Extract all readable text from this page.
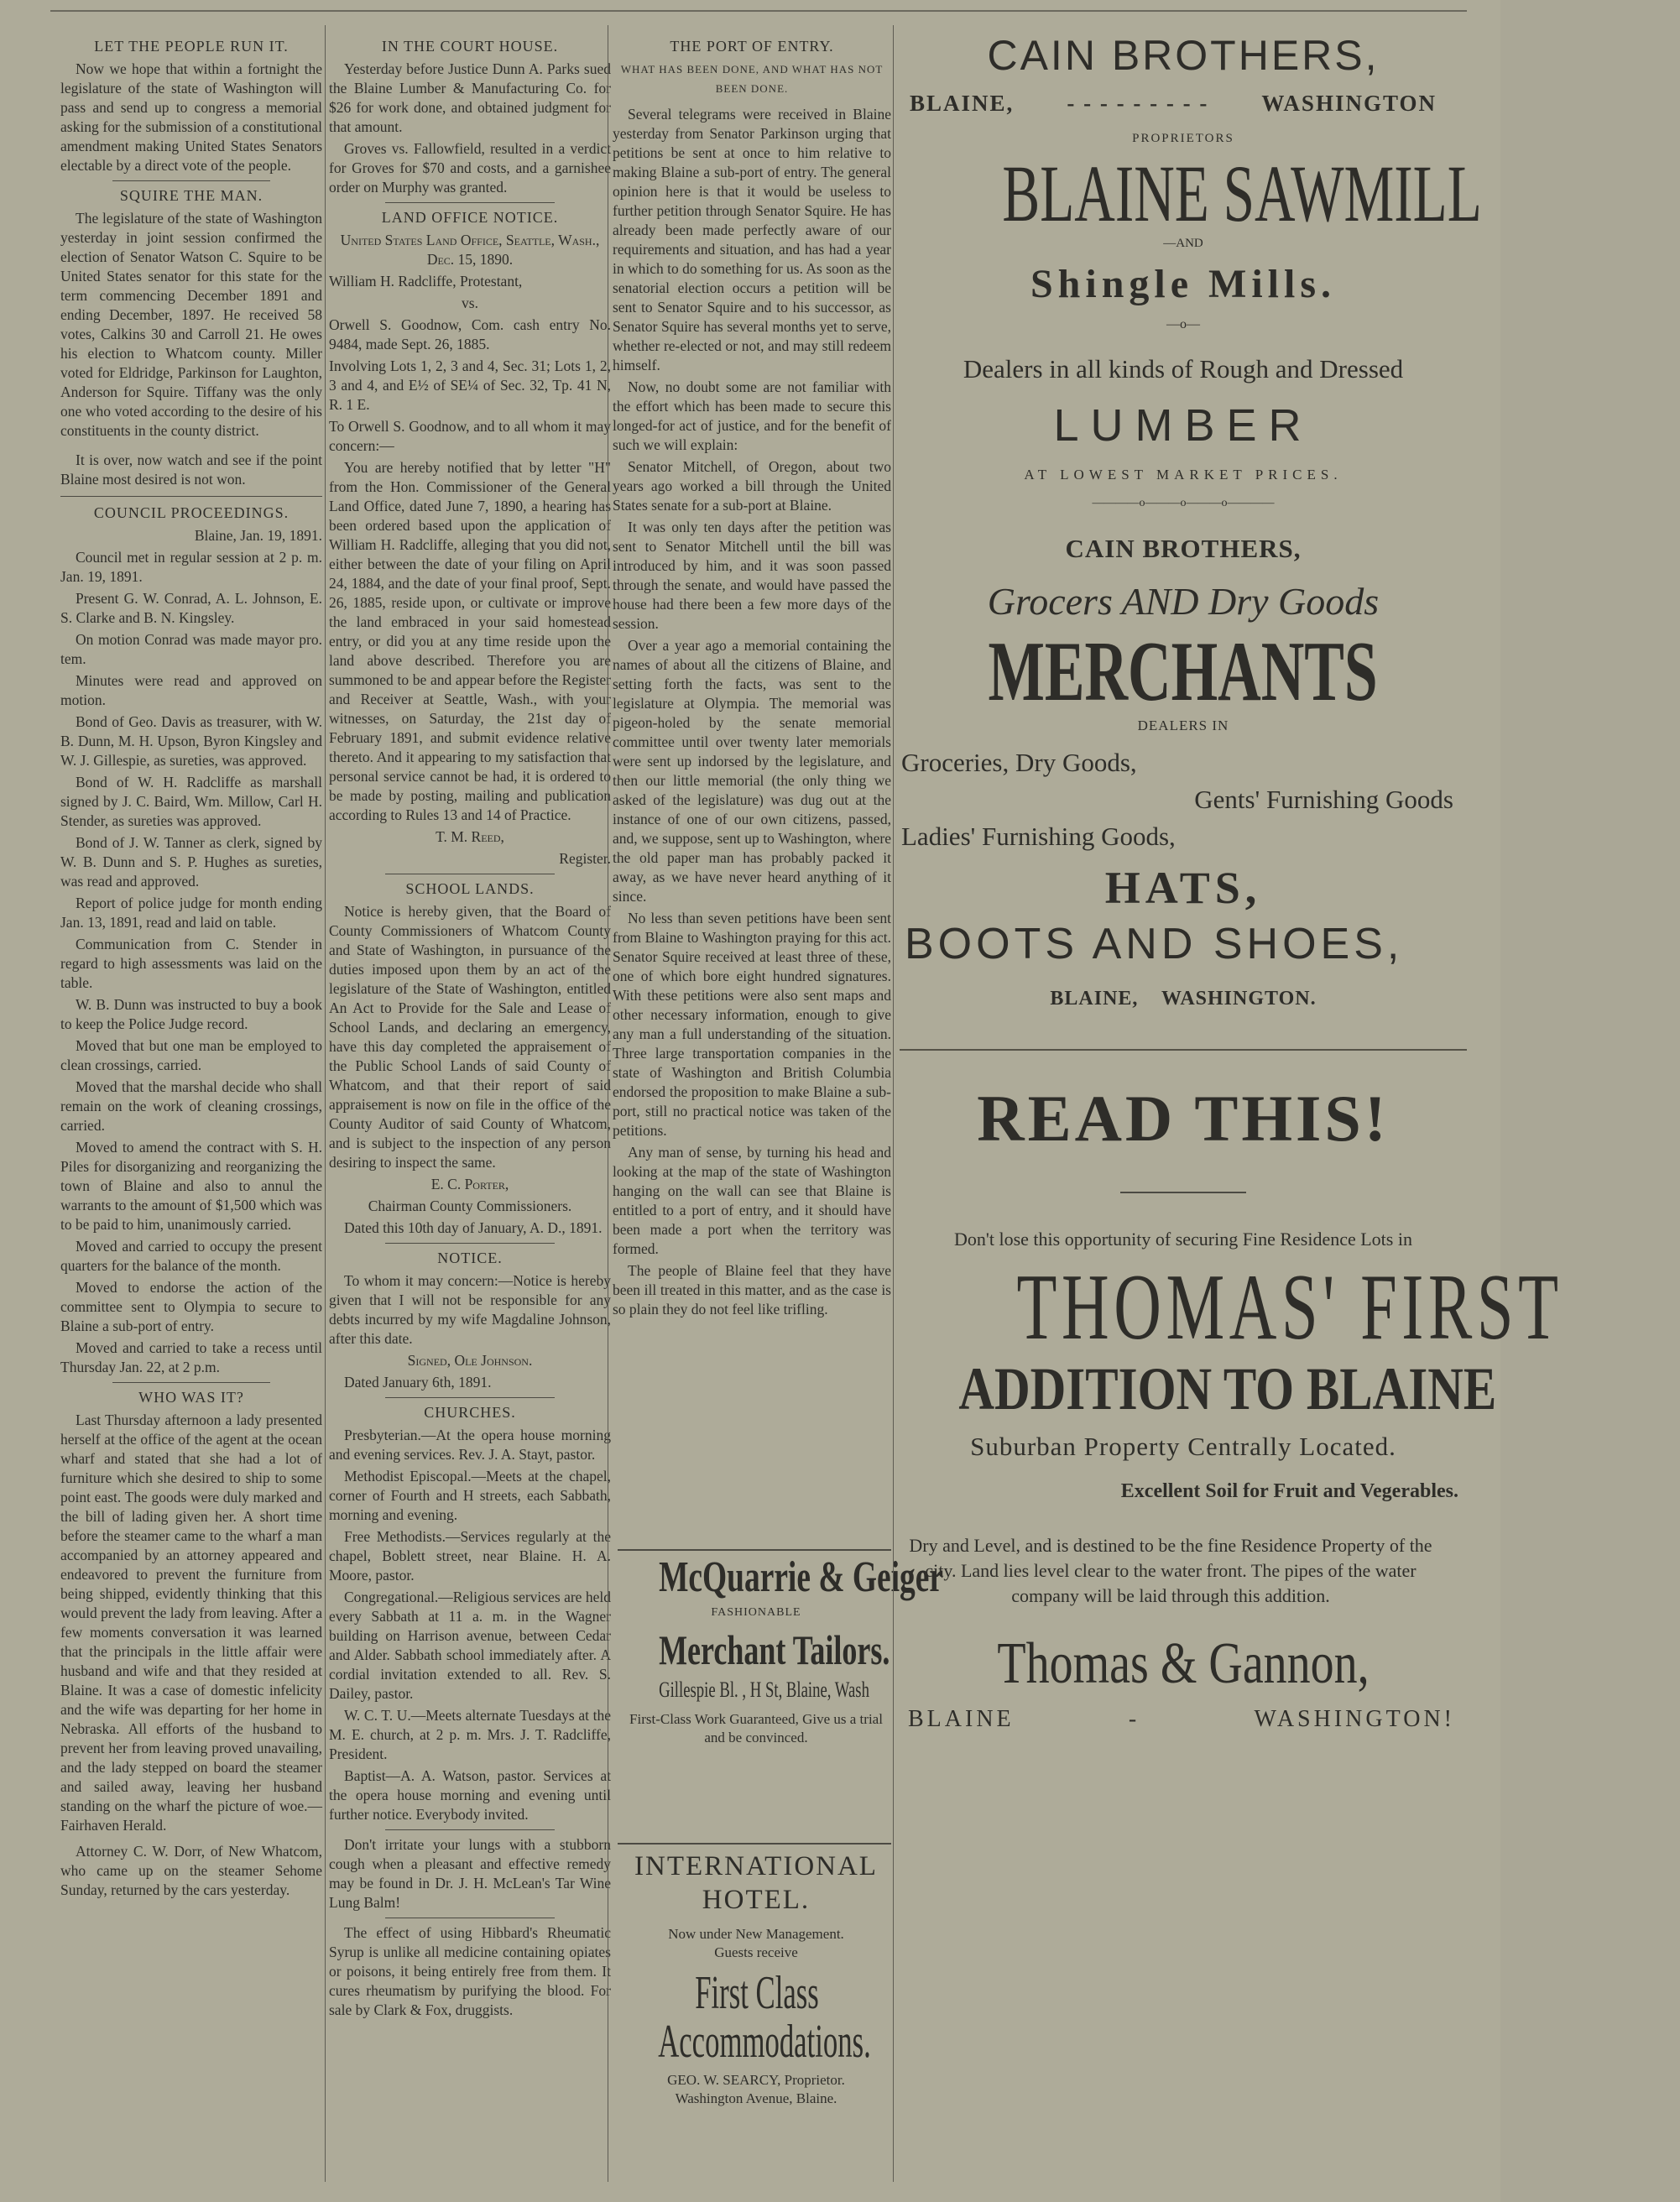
LET THE PEOPLE RUN IT.

Now we hope that within a fortnight the legislature of the state of Washington will pass and send up to congress a memorial asking for the submission of a constitutional amendment making United States Senators electable by a direct vote of the people.

SQUIRE THE MAN.

The legislature of the state of Washington yesterday in joint session confirmed the election of Senator Watson C. Squire to be United States senator for this state for the term commencing December 1891 and ending December, 1897. He received 58 votes, Calkins 30 and Carroll 21. He owes his election to Whatcom county. Miller voted for Eldridge, Parkinson for Laughton, Anderson for Squire. Tiffany was the only one who voted according to the desire of his constituents in the county district.

It is over, now watch and see if the point Blaine most desired is not won.

COUNCIL PROCEEDINGS.

Blaine, Jan. 19, 1891.

Council met in regular session at 2 p. m. Jan. 19, 1891.

Present G. W. Conrad, A. L. Johnson, E. S. Clarke and B. N. Kingsley.

On motion Conrad was made mayor pro. tem.

Minutes were read and approved on motion.

Bond of Geo. Davis as treasurer, with W. B. Dunn, M. H. Upson, Byron Kingsley and W. J. Gillespie, as sureties, was approved.

Bond of W. H. Radcliffe as marshall signed by J. C. Baird, Wm. Millow, Carl H. Stender, as sureties was approved.

Bond of J. W. Tanner as clerk, signed by W. B. Dunn and S. P. Hughes as sureties, was read and approved.

Report of police judge for month ending Jan. 13, 1891, read and laid on table.

Communication from C. Stender in regard to high assessments was laid on the table.

W. B. Dunn was instructed to buy a book to keep the Police Judge record.

Moved that but one man be employed to clean crossings, carried.

Moved that the marshal decide who shall remain on the work of cleaning crossings, carried.

Moved to amend the contract with S. H. Piles for disorganizing and reorganizing the town of Blaine and also to annul the warrants to the amount of $1,500 which was to be paid to him, unanimously carried.

Moved and carried to occupy the present quarters for the balance of the month.

Moved to endorse the action of the committee sent to Olympia to secure to Blaine a sub-port of entry.

Moved and carried to take a recess until Thursday Jan. 22, at 2 p.m.

WHO WAS IT?

Last Thursday afternoon a lady presented herself at the office of the agent at the ocean wharf and stated that she had a lot of furniture which she desired to ship to some point east. The goods were duly marked and the bill of lading given her. A short time before the steamer came to the wharf a man accompanied by an attorney appeared and endeavored to prevent the furniture from being shipped, evidently thinking that this would prevent the lady from leaving. After a few moments conversation it was learned that the principals in the little affair were husband and wife and that they resided at Blaine. It was a case of domestic infelicity and the wife was departing for her home in Nebraska. All efforts of the husband to prevent her from leaving proved unavailing, and the lady stepped on board the steamer and sailed away, leaving her husband standing on the wharf the picture of woe.—Fairhaven Herald.

Attorney C. W. Dorr, of New Whatcom, who came up on the steamer Sehome Sunday, returned by the cars yesterday.

IN THE COURT HOUSE.

Yesterday before Justice Dunn A. Parks sued the Blaine Lumber & Manufacturing Co. for $26 for work done, and obtained judgment for that amount.

Groves vs. Fallowfield, resulted in a verdict for Groves for $70 and costs, and a garnishee order on Murphy was granted.

LAND OFFICE NOTICE.

United States Land Office, Seattle, Wash., Dec. 15, 1890.

William H. Radcliffe, Protestant,

vs.

Orwell S. Goodnow, Com. cash entry No. 9484, made Sept. 26, 1885.

Involving Lots 1, 2, 3 and 4, Sec. 31; Lots 1, 2, 3 and 4, and E½ of SE¼ of Sec. 32, Tp. 41 N, R. 1 E.

To Orwell S. Goodnow, and to all whom it may concern:—

You are hereby notified that by letter "H" from the Hon. Commissioner of the General Land Office, dated June 7, 1890, a hearing has been ordered based upon the application of William H. Radcliffe, alleging that you did not, either between the date of your filing on April 24, 1884, and the date of your final proof, Sept. 26, 1885, reside upon, or cultivate or improve the land embraced in your said homestead entry, or did you at any time reside upon the land above described. Therefore you are summoned to be and appear before the Register and Receiver at Seattle, Wash., with your witnesses, on Saturday, the 21st day of February 1891, and submit evidence relative thereto. And it appearing to my satisfaction that personal service cannot be had, it is ordered to be made by posting, mailing and publication according to Rules 13 and 14 of Practice.

T. M. Reed,

Register.

SCHOOL LANDS.

Notice is hereby given, that the Board of County Commissioners of Whatcom County and State of Washington, in pursuance of the duties imposed upon them by an act of the legislature of the State of Washington, entitled An Act to Provide for the Sale and Lease of School Lands, and declaring an emergency, have this day completed the appraisement of the Public School Lands of said County of Whatcom, and that their report of said appraisement is now on file in the office of the County Auditor of said County of Whatcom, and is subject to the inspection of any person desiring to inspect the same.

E. C. Porter,

Chairman County Commissioners.

Dated this 10th day of January, A. D., 1891.

NOTICE.

To whom it may concern:—Notice is hereby given that I will not be responsible for any debts incurred by my wife Magdaline Johnson, after this date.

Signed, Ole Johnson.

Dated January 6th, 1891.

CHURCHES.

Presbyterian.—At the opera house morning and evening services. Rev. J. A. Stayt, pastor.

Methodist Episcopal.—Meets at the chapel, corner of Fourth and H streets, each Sabbath, morning and evening.

Free Methodists.—Services regularly at the chapel, Boblett street, near Blaine. H. A. Moore, pastor.

Congregational.—Religious services are held every Sabbath at 11 a. m. in the Wagner building on Harrison avenue, between Cedar and Alder. Sabbath school immediately after. A cordial invitation extended to all. Rev. S. Dailey, pastor.

W. C. T. U.—Meets alternate Tuesdays at the M. E. church, at 2 p. m. Mrs. J. T. Radcliffe, President.

Baptist—A. A. Watson, pastor. Services at the opera house morning and evening until further notice. Everybody invited.

Don't irritate your lungs with a stubborn cough when a pleasant and effective remedy may be found in Dr. J. H. McLean's Tar Wine Lung Balm!

The effect of using Hibbard's Rheumatic Syrup is unlike all medicine containing opiates or poisons, it being entirely free from them. It cures rheumatism by purifying the blood. For sale by Clark & Fox, druggists.

THE PORT OF ENTRY.
WHAT HAS BEEN DONE, AND WHAT HAS NOT BEEN DONE.

Several telegrams were received in Blaine yesterday from Senator Parkinson urging that petitions be sent at once to him relative to making Blaine a sub-port of entry. The general opinion here is that it would be useless to further petition through Senator Squire. He has already been made perfectly aware of our requirements and situation, and has had a year in which to do something for us. As soon as the senatorial election occurs a petition will be sent to Senator Squire and to his successor, as Senator Squire has several months yet to serve, whether re-elected or not, and may still redeem himself.

Now, no doubt some are not familiar with the effort which has been made to secure this longed-for act of justice, and for the benefit of such we will explain:

Senator Mitchell, of Oregon, about two years ago worked a bill through the United States senate for a sub-port at Blaine.

It was only ten days after the petition was sent to Senator Mitchell until the bill was introduced by him, and it was soon passed through the senate, and would have passed the house had there been a few more days of the session.

Over a year ago a memorial containing the names of about all the citizens of Blaine, and setting forth the facts, was sent to the legislature at Olympia. The memorial was pigeon-holed by the senate memorial committee until over twenty later memorials were sent up indorsed by the legislature, and then our little memorial (the only thing we asked of the legislature) was dug out at the instance of one of our own citizens, passed, and, we suppose, sent up to Washington, where the old paper man has probably packed it away, as we have never heard anything of it since.

No less than seven petitions have been sent from Blaine to Washington praying for this act. Senator Squire received at least three of these, one of which bore eight hundred signatures. With these petitions were also sent maps and other necessary information, enough to give any man a full understanding of the situation. Three large transportation companies in the state of Washington and British Columbia endorsed the proposition to make Blaine a sub-port, still no practical notice was taken of the petitions.

Any man of sense, by turning his head and looking at the map of the state of Washington hanging on the wall can see that Blaine is entitled to a port of entry, and it should have been made a port when the territory was formed.

The people of Blaine feel that they have been ill treated in this matter, and as the case is so plain they do not feel like trifling.

McQuarrie & Geiger
FASHIONABLE
Merchant Tailors.
Gillespie Bl. , H St, Blaine, Wash
First-Class Work Guaranteed, Give us a trial and be convinced.
INTERNATIONAL
HOTEL.
Now under New Management.
Guests receive
First Class Accommodations.
GEO. W. SEARCY, Proprietor.
Washington Avenue, Blaine.
CAIN BROTHERS,
BLAINE, - - - - - - - - - WASHINGTON
PROPRIETORS
BLAINE SAWMILL
—AND
Shingle Mills.
—o—
Dealers in all kinds of Rough and Dressed
LUMBER
AT LOWEST MARKET PRICES.
————o———o———o————
CAIN BROTHERS,
Grocers AND Dry Goods
MERCHANTS
DEALERS IN
Groceries, Dry Goods,
Gents' Furnishing Goods
Ladies' Furnishing Goods,
HATS,
BOOTS AND SHOES,
BLAINE,    WASHINGTON.
READ THIS!
Don't lose this opportunity of securing Fine Residence Lots in
THOMAS' FIRST
ADDITION TO BLAINE
Suburban Property Centrally Located.
Excellent Soil for Fruit and Vegerables.
Dry and Level, and is destined to be the fine Residence Property of the city. Land lies level clear to the water front. The pipes of the water company will be laid through this addition.
Thomas & Gannon,
BLAINE	-	WASHINGTON!
